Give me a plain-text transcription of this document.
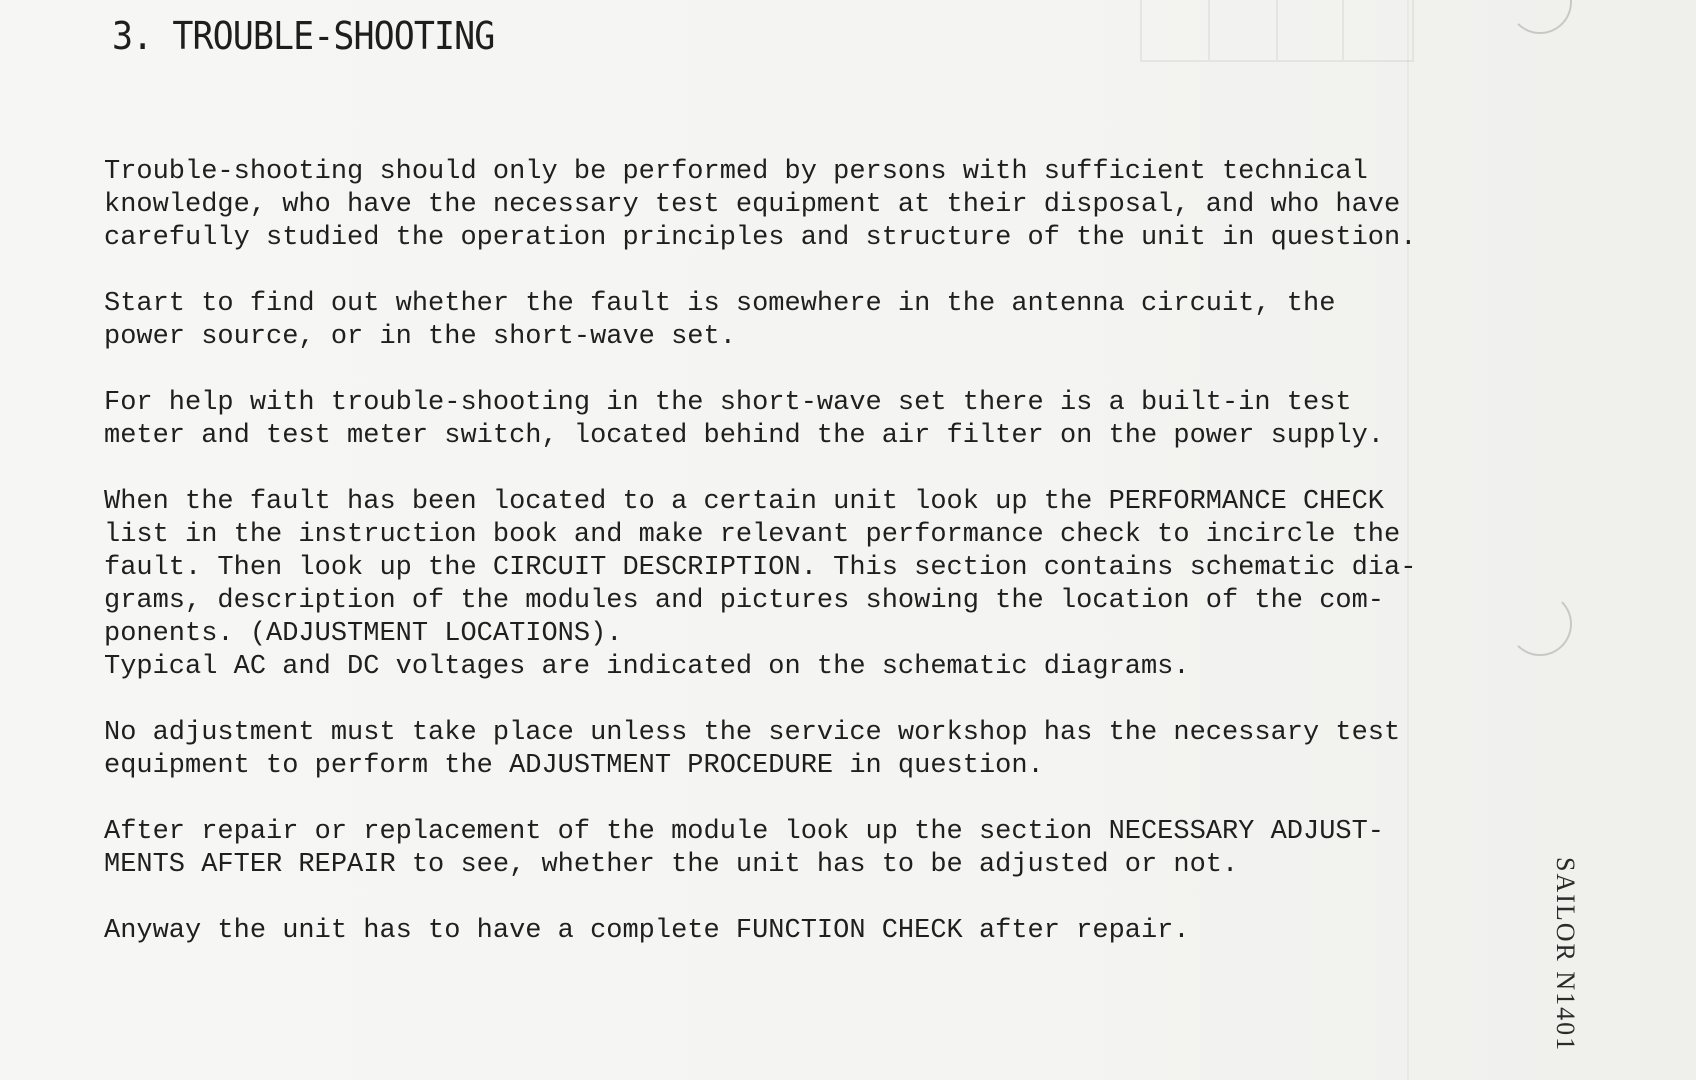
3. TROUBLE-SHOOTING

Trouble-shooting should only be performed by persons with sufficient technical
knowledge, who have the necessary test equipment at their disposal, and who have
carefully studied the operation principles and structure of the unit in question.

Start to find out whether the fault is somewhere in the antenna circuit, the
power source, or in the short-wave set.

For help with trouble-shooting in the short-wave set there is a built-in test
meter and test meter switch, located behind the air filter on the power supply.

When the fault has been located to a certain unit look up the PERFORMANCE CHECK
list in the instruction book and make relevant performance check to incircle the
fault. Then look up the CIRCUIT DESCRIPTION. This section contains schematic dia-
grams, description of the modules and pictures showing the location of the com-
ponents. (ADJUSTMENT LOCATIONS).
Typical AC and DC voltages are indicated on the schematic diagrams.

No adjustment must take place unless the service workshop has the necessary test
equipment to perform the ADJUSTMENT PROCEDURE in question.

After repair or replacement of the module look up the section NECESSARY ADJUST-
MENTS AFTER REPAIR to see, whether the unit has to be adjusted or not.

Anyway the unit has to have a complete FUNCTION CHECK after repair.	SAILOR N1401
